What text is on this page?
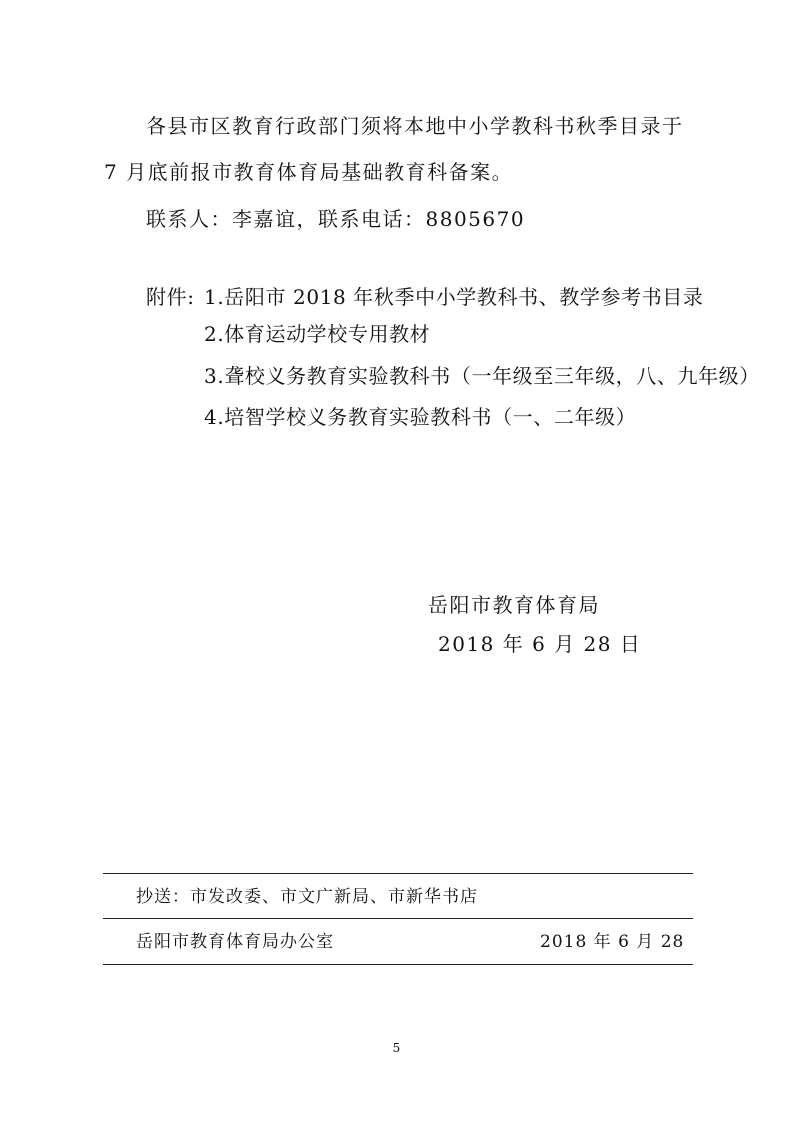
各县市区教育行政部门须将本地中小学教科书秋季目录于
7 月底前报市教育体育局基础教育科备案。
联系人：李嘉谊，联系电话：8805670
附件: 1.岳阳市 2018 年秋季中小学教科书、教学参考书目录
2.体育运动学校专用教材
3.聋校义务教育实验教科书（一年级至三年级，八、九年级）
4.培智学校义务教育实验教科书（一、二年级）
岳阳市教育体育局
2018 年 6 月 28 日
抄送：市发改委、市文广新局、市新华书店
岳阳市教育体育局办公室	2018 年 6 月 28
5
